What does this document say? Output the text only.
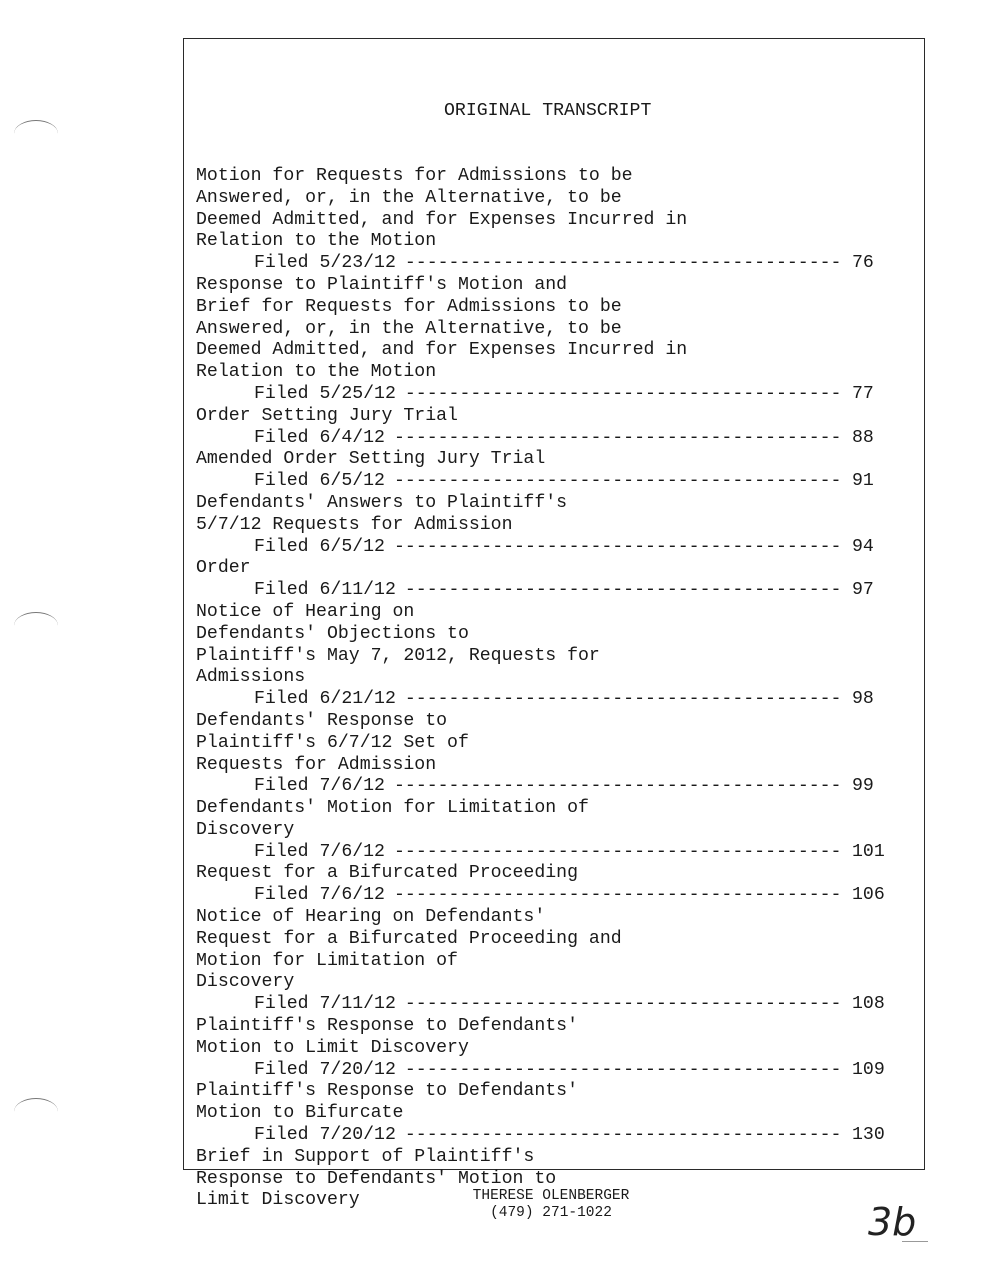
ORIGINAL TRANSCRIPT

Motion for Requests for Admissions to be
Answered, or, in the Alternative, to be
Deemed Admitted, and for Expenses Incurred in
Relation to the Motion
Filed 5/23/12 -----	76
Response to Plaintiff's Motion and
Brief for Requests for Admissions to be
Answered, or, in the Alternative, to be
Deemed Admitted, and for Expenses Incurred in
Relation to the Motion
Filed 5/25/12 -----	77
Order Setting Jury Trial
Filed 6/4/12 -----	88
Amended Order Setting Jury Trial
Filed 6/5/12 -----	91
Defendants' Answers to Plaintiff's
5/7/12 Requests for Admission
Filed 6/5/12 -----	94
Order
Filed 6/11/12 -----	97
Notice of Hearing on
Defendants' Objections to
Plaintiff's May 7, 2012, Requests for
Admissions
Filed 6/21/12 -----	98
Defendants' Response to
Plaintiff's 6/7/12 Set of
Requests for Admission
Filed 7/6/12 -----	99
Defendants' Motion for Limitation of
Discovery
Filed 7/6/12 -----	101
Request for a Bifurcated Proceeding
Filed 7/6/12 -----	106
Notice of Hearing on Defendants'
Request for a Bifurcated Proceeding and
Motion for Limitation of
Discovery
Filed 7/11/12 -----	108
Plaintiff's Response to Defendants'
Motion to Limit Discovery
Filed 7/20/12 -----	109
Plaintiff's Response to Defendants'
Motion to Bifurcate
Filed 7/20/12 -----	130
Brief in Support of Plaintiff's
Response to Defendants' Motion to
Limit Discovery	THERESE OLENBERGER
(479) 271-1022	3b
